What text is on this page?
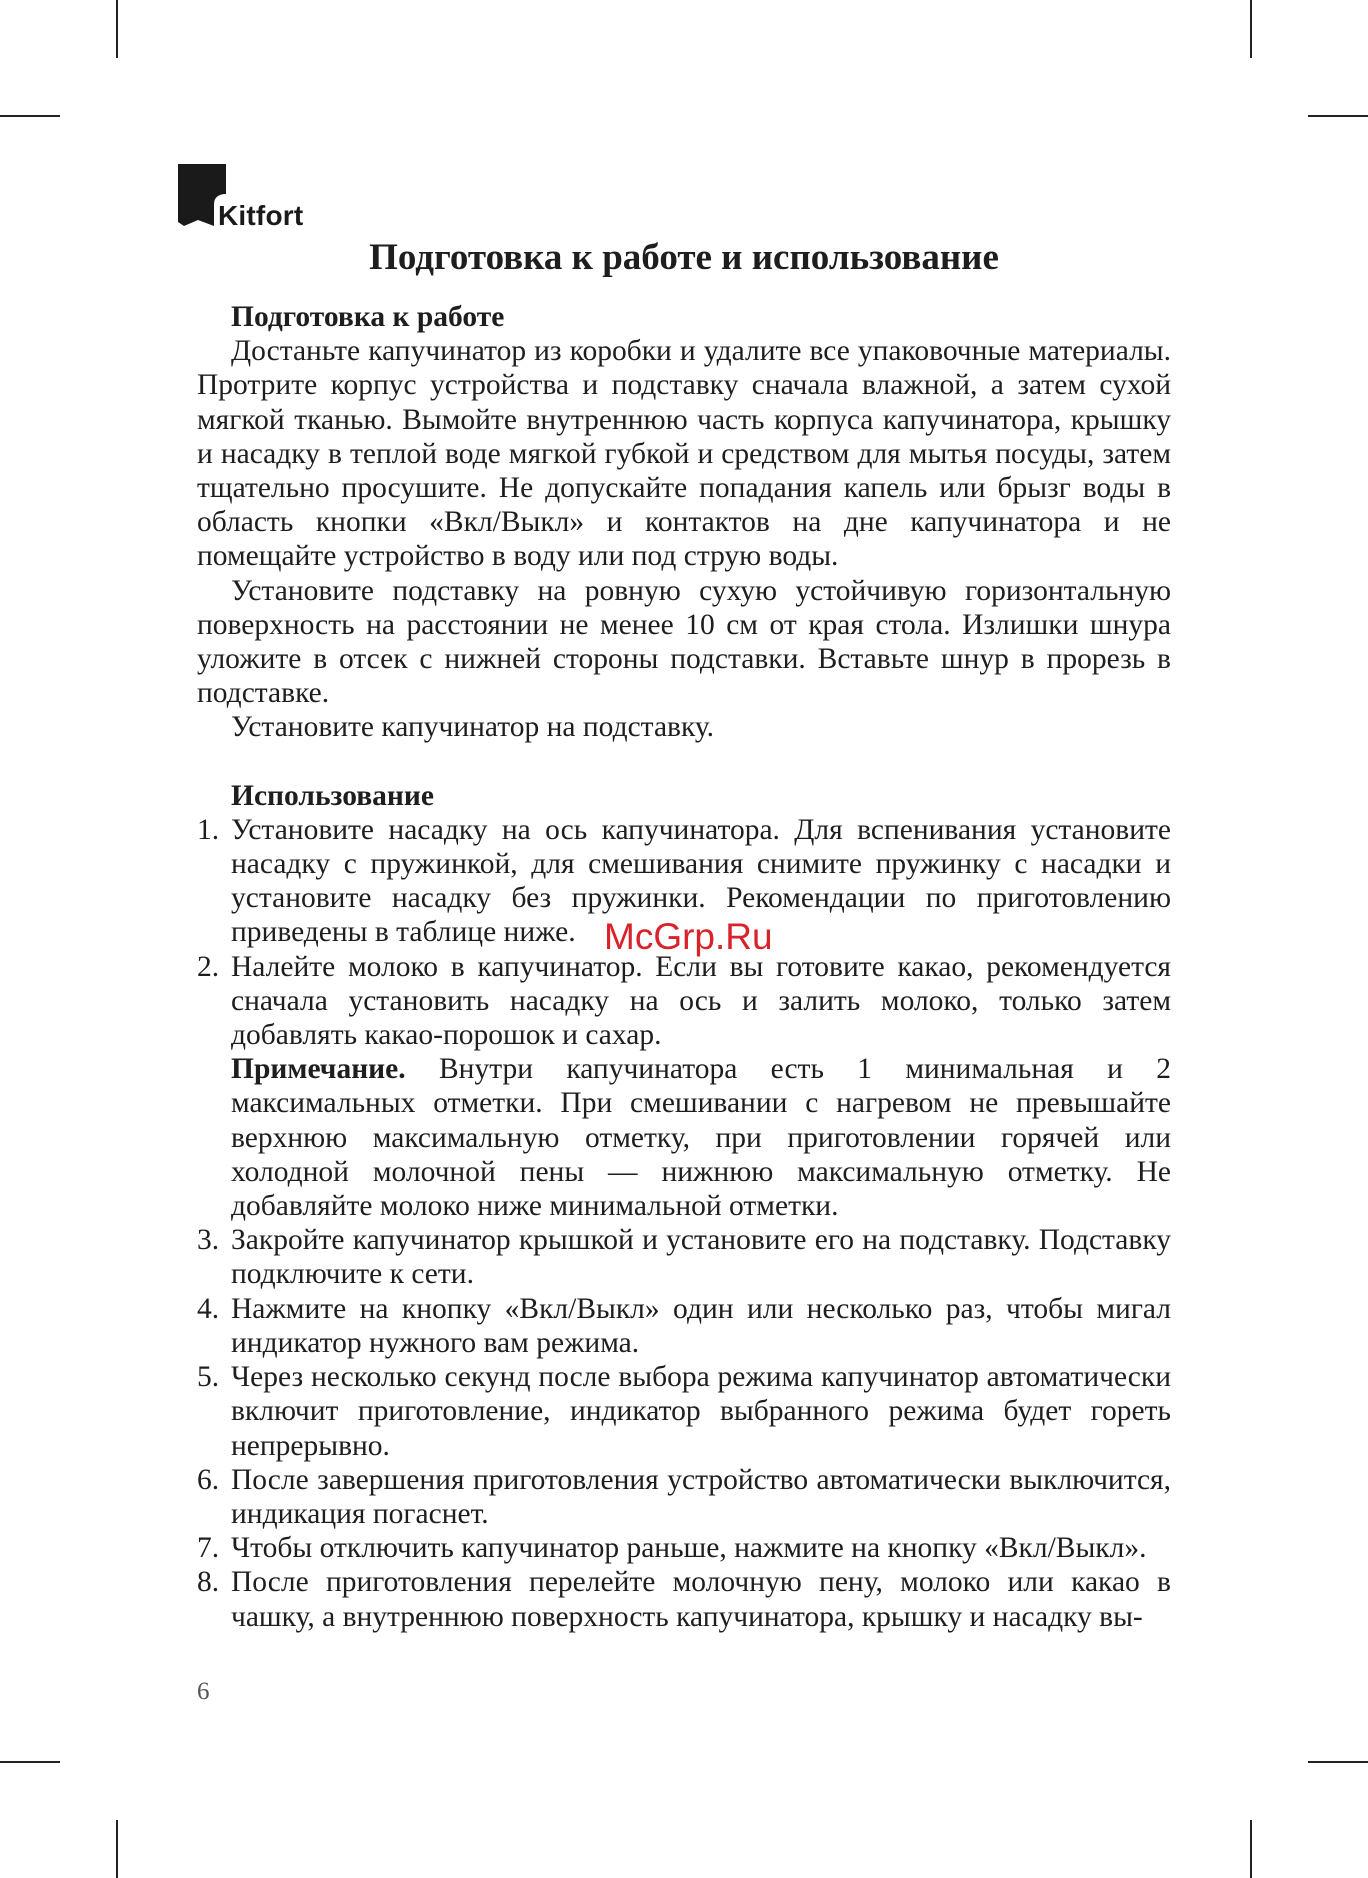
Kitfort
Подготовка к работе и использование

Подготовка к работе

Достаньте капучинатор из коробки и удалите все упаковочные материалы. Протрите корпус устройства и подставку сначала влажной, а затем сухой мягкой тканью. Вымойте внутреннюю часть корпуса капучинатора, крышку и насадку в теплой воде мягкой губкой и средством для мытья посуды, затем тщательно просушите. Не допускайте попадания капель или брызг воды в область кнопки «Вкл/Выкл» и контактов на дне капучинатора и не помещайте устройство в воду или под струю воды.

Установите подставку на ровную сухую устойчивую горизонтальную поверхность на расстоянии не менее 10 см от края стола. Излишки шнура уложите в отсек с нижней стороны подставки. Вставьте шнур в прорезь в подставке.

Установите капучинатор на подставку.

Использование

1. Установите насадку на ось капучинатора. Для вспенивания установите насадку с пружинкой, для смешивания снимите пружинку с насадки и установите насадку без пружинки. Рекомендации по приготовлению приведены в таблице ниже.
2. Налейте молоко в капучинатор. Если вы готовите какао, рекомендуется сначала установить насадку на ось и залить молоко, только затем добавлять какао-порошок и сахар.

Примечание. Внутри капучинатора есть 1 минимальная и 2 максимальных отметки. При смешивании с нагревом не превышайте верхнюю максимальную отметку, при приготовлении горячей или холодной молочной пены — нижнюю максимальную отметку. Не добавляйте молоко ниже минимальной отметки.

3. Закройте капучинатор крышкой и установите его на подставку. Подставку подключите к сети.
4. Нажмите на кнопку «Вкл/Выкл» один или несколько раз, чтобы мигал индикатор нужного вам режима.
5. Через несколько секунд после выбора режима капучинатор автоматически включит приготовление, индикатор выбранного режима будет гореть непрерывно.
6. После завершения приготовления устройство автоматически выключится, индикация погаснет.
7. Чтобы отключить капучинатор раньше, нажмите на кнопку «Вкл/Выкл».
8. После приготовления перелейте молочную пену, молоко или какао в чашку, а внутреннюю поверхность капучинатора, крышку и насадку вы-
McGrp.Ru
6
